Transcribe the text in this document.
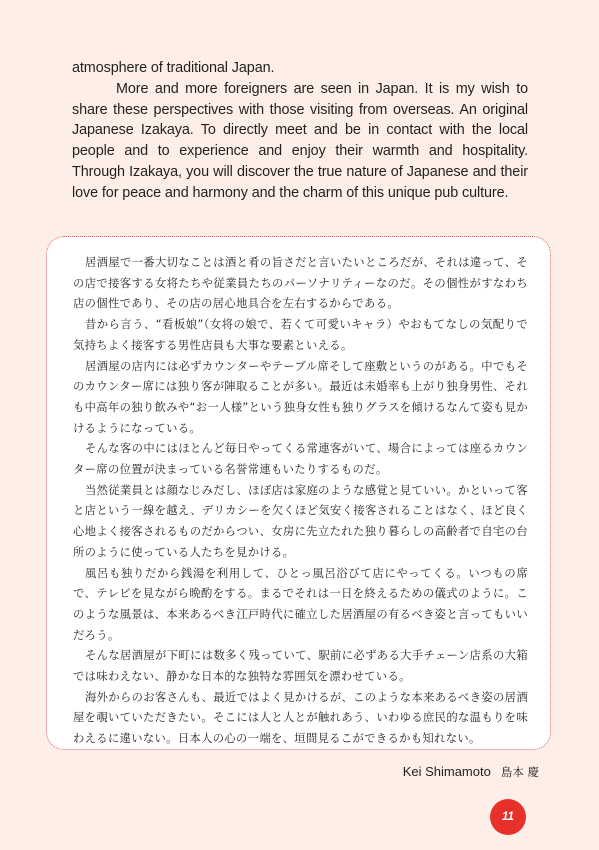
atmosphere of traditional Japan.

More and more foreigners are seen in Japan. It is my wish to share these perspectives with those visiting from overseas. An original Japanese Izakaya. To directly meet and be in contact with the local people and to experience and enjoy their warmth and hospitality. Through Izakaya, you will discover the true nature of Japanese and their love for peace and harmony and the charm of this unique pub culture.

居酒屋で一番大切なことは酒と肴の旨さだと言いたいところだが、それは違って、その店で接客する女将たちや従業員たちのパーソナリティーなのだ。その個性がすなわち店の個性であり、その店の居心地具合を左右するからである。

昔から言う、“看板娘”（女将の娘で、若くて可愛いキャラ）やおもてなしの気配りで気持ちよく接客する男性店員も大事な要素といえる。

居酒屋の店内には必ずカウンターやテーブル席そして座敷というのがある。中でもそのカウンター席には独り客が陣取ることが多い。最近は未婚率も上がり独身男性、それも中高年の独り飲みや“お一人様”という独身女性も独りグラスを傾けるなんて姿も見かけるようになっている。

そんな客の中にはほとんど毎日やってくる常連客がいて、場合によっては座るカウンター席の位置が決まっている名誉常連もいたりするものだ。

当然従業員とは顔なじみだし、ほぼ店は家庭のような感覚と見ていい。かといって客と店という一線を越え、デリカシーを欠くほど気安く接客されることはなく、ほど良く心地よく接客されるものだからつい、女房に先立たれた独り暮らしの高齢者で自宅の台所のように使っている人たちを見かける。

風呂も独りだから銭湯を利用して、ひとっ風呂浴びて店にやってくる。いつもの席で、テレビを見ながら晩酌をする。まるでそれは一日を終えるための儀式のように。このような風景は、本来あるべき江戸時代に確立した居酒屋の有るべき姿と言ってもいいだろう。

そんな居酒屋が下町には数多く残っていて、駅前に必ずある大手チェーン店系の大箱では味わえない、静かな日本的な独特な雰囲気を漂わせている。

海外からのお客さんも、最近ではよく見かけるが、このような本来あるべき姿の居酒屋を覗いていただきたい。そこには人と人とが触れあう、いわゆる庶民的な温もりを味わえるに違いない。日本人の心の一端を、垣間見るこができるかも知れない。

Kei Shimamoto 島本 慶
11
